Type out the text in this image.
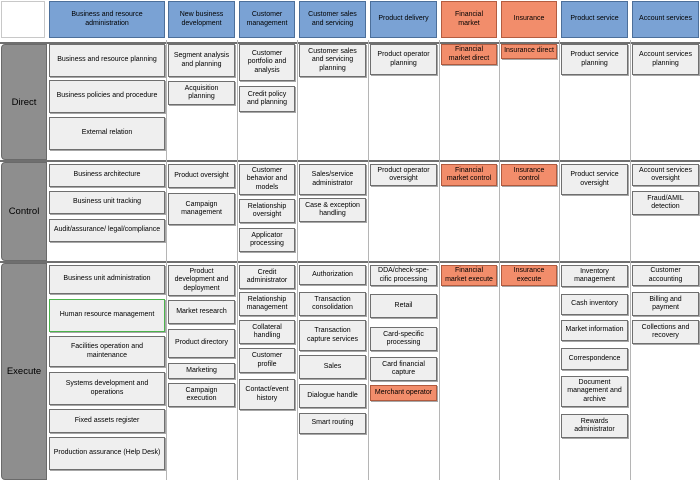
Direct
Control
Execute
Business and resource administration
New business development
Customer management
Customer sales and servicing
Product delivery
Financial market
Insurance	Product service	Account services
Business and resource planning
Business policies and procedure
External relation
Business architecture
Business unit tracking
Audit/assurance/ legal/compliance
Business unit administration
Human resource management
Facilities operation and maintenance
Systems development and operations
Fixed assets register
Production assurance (Help Desk)
Segment analysis and planning
Acquisition planning
Product oversight
Campaign management
Product development and deployment
Market research
Product directory
Marketing
Campaign execution
Customer portfolio and analysis
Credit policy and planning
Customer behavior and models
Relationship oversight
Applicator processing
Credit administrator
Relationship management
Collateral handling
Customer profile
Contact/event history
Customer sales and servicing planning
Sales/service administrator
Case & exception handling
Authorization
Transaction consolidation
Transaction capture services
Sales
Dialogue handle
Smart routing
Product operator planning
Product operator oversight
DDA/check-spe- cific processing
Retail
Card-specific processing
Card financial capture
Merchant operator
Financial market direct
Financial market control
Financial market execute
Insurance direct
Insurance control
Insurance execute
Product service planning
Product service oversight
Inventory management
Cash inventory
Market information
Correspondence
Document management and archive
Rewards administrator
Account services planning
Account services oversight
Fraud/AMIL detection
Customer accounting
Billing and payment
Collections and recovery
